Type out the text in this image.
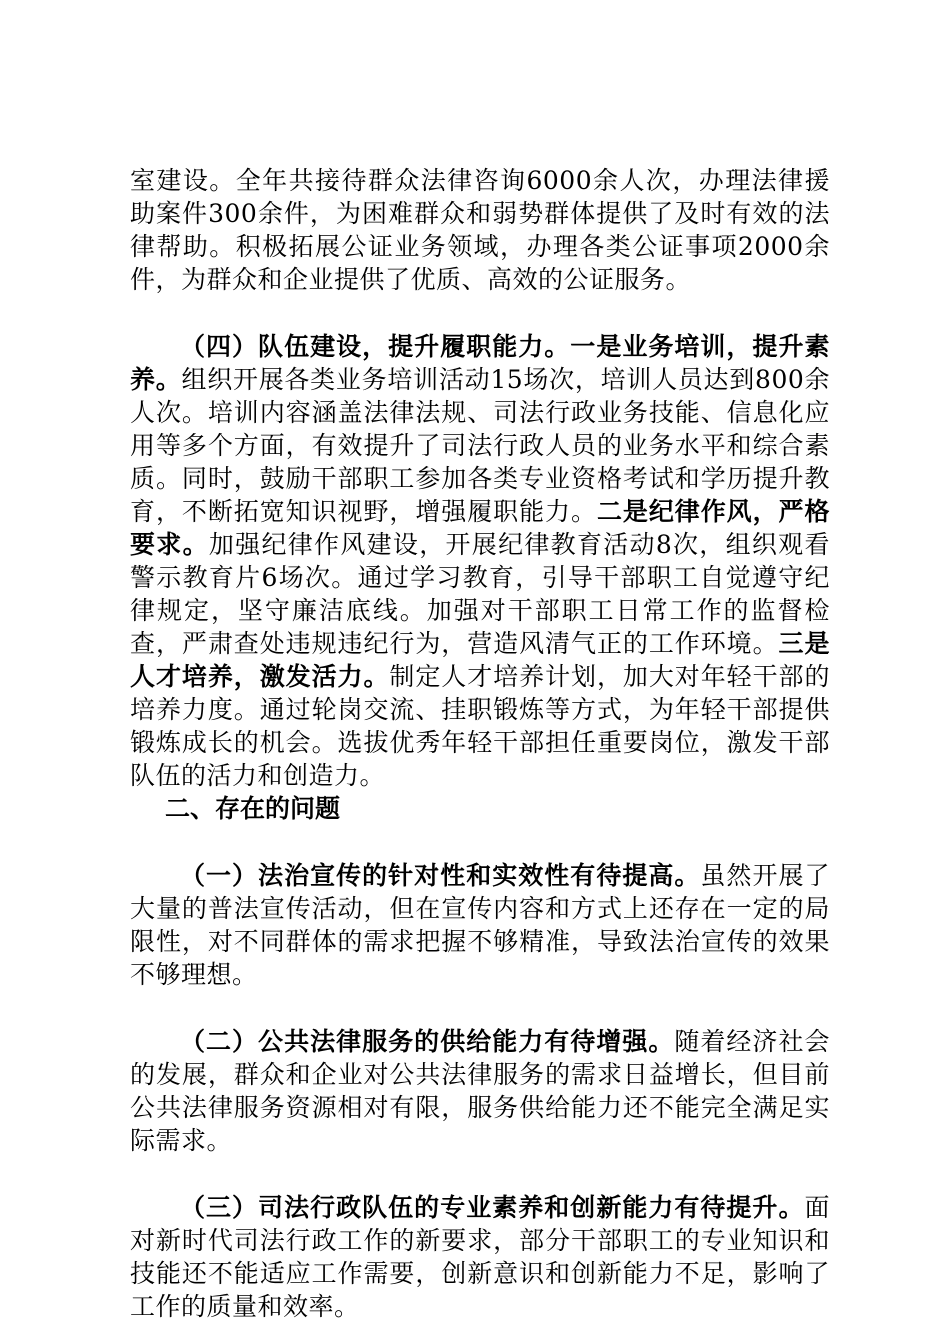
室建设。全年共接待群众法律咨询6000余人次，办理法律援助案件300余件，为困难群众和弱势群体提供了及时有效的法律帮助。积极拓展公证业务领域，办理各类公证事项2000余件，为群众和企业提供了优质、高效的公证服务。

（四）队伍建设，提升履职能力。一是业务培训，提升素养。组织开展各类业务培训活动15场次，培训人员达到800余人次。培训内容涵盖法律法规、司法行政业务技能、信息化应用等多个方面，有效提升了司法行政人员的业务水平和综合素质。同时，鼓励干部职工参加各类专业资格考试和学历提升教育，不断拓宽知识视野，增强履职能力。二是纪律作风，严格要求。加强纪律作风建设，开展纪律教育活动8次，组织观看警示教育片6场次。通过学习教育，引导干部职工自觉遵守纪律规定，坚守廉洁底线。加强对干部职工日常工作的监督检查，严肃查处违规违纪行为，营造风清气正的工作环境。三是人才培养，激发活力。制定人才培养计划，加大对年轻干部的培养力度。通过轮岗交流、挂职锻炼等方式，为年轻干部提供锻炼成长的机会。选拔优秀年轻干部担任重要岗位，激发干部队伍的活力和创造力。

二、存在的问题

（一）法治宣传的针对性和实效性有待提高。虽然开展了大量的普法宣传活动，但在宣传内容和方式上还存在一定的局限性，对不同群体的需求把握不够精准，导致法治宣传的效果不够理想。

（二）公共法律服务的供给能力有待增强。随着经济社会的发展，群众和企业对公共法律服务的需求日益增长，但目前公共法律服务资源相对有限，服务供给能力还不能完全满足实际需求。

（三）司法行政队伍的专业素养和创新能力有待提升。面对新时代司法行政工作的新要求，部分干部职工的专业知识和技能还不能适应工作需要，创新意识和创新能力不足，影响了工作的质量和效率。
